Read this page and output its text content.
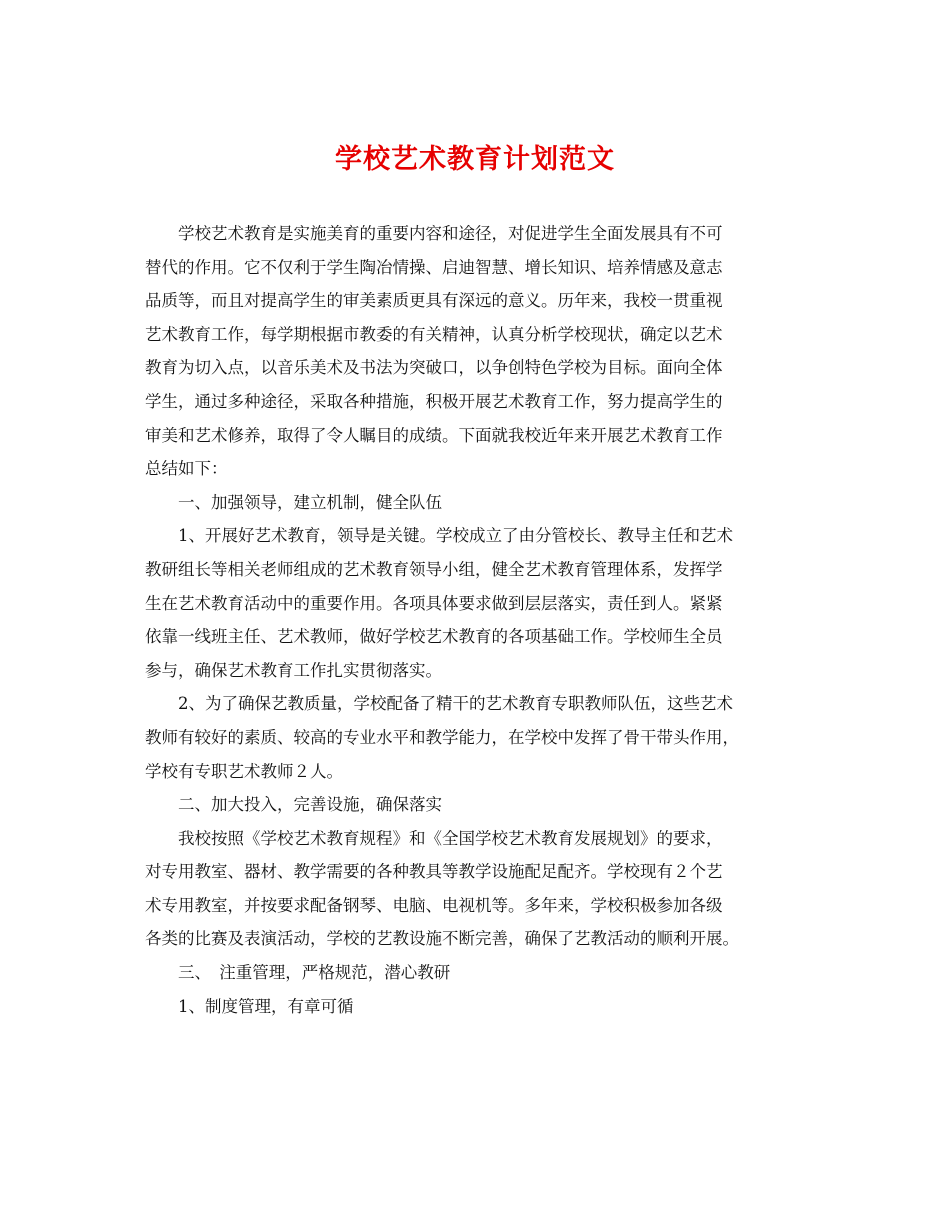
学校艺术教育计划范文

学校艺术教育是实施美育的重要内容和途径，对促进学生全面发展具有不可
替代的作用。它不仅利于学生陶冶情操、启迪智慧、增长知识、培养情感及意志
品质等，而且对提高学生的审美素质更具有深远的意义。历年来，我校一贯重视
艺术教育工作，每学期根据市教委的有关精神，认真分析学校现状，确定以艺术
教育为切入点，以音乐美术及书法为突破口，以争创特色学校为目标。面向全体
学生，通过多种途径，采取各种措施，积极开展艺术教育工作，努力提高学生的
审美和艺术修养，取得了令人瞩目的成绩。下面就我校近年来开展艺术教育工作
总结如下：

一、加强领导，建立机制，健全队伍

1、开展好艺术教育，领导是关键。学校成立了由分管校长、教导主任和艺术
教研组长等相关老师组成的艺术教育领导小组，健全艺术教育管理体系，发挥学
生在艺术教育活动中的重要作用。各项具体要求做到层层落实，责任到人。紧紧
依靠一线班主任、艺术教师，做好学校艺术教育的各项基础工作。学校师生全员
参与，确保艺术教育工作扎实贯彻落实。

2、为了确保艺教质量，学校配备了精干的艺术教育专职教师队伍，这些艺术
教师有较好的素质、较高的专业水平和教学能力，在学校中发挥了骨干带头作用，
学校有专职艺术教师２人。

二、加大投入，完善设施，确保落实

我校按照《学校艺术教育规程》和《全国学校艺术教育发展规划》的要求，
对专用教室、器材、教学需要的各种教具等教学设施配足配齐。学校现有２个艺
术专用教室，并按要求配备钢琴、电脑、电视机等。多年来，学校积极参加各级
各类的比赛及表演活动，学校的艺教设施不断完善，确保了艺教活动的顺利开展。

三、　注重管理，严格规范，潜心教研

1、制度管理，有章可循
